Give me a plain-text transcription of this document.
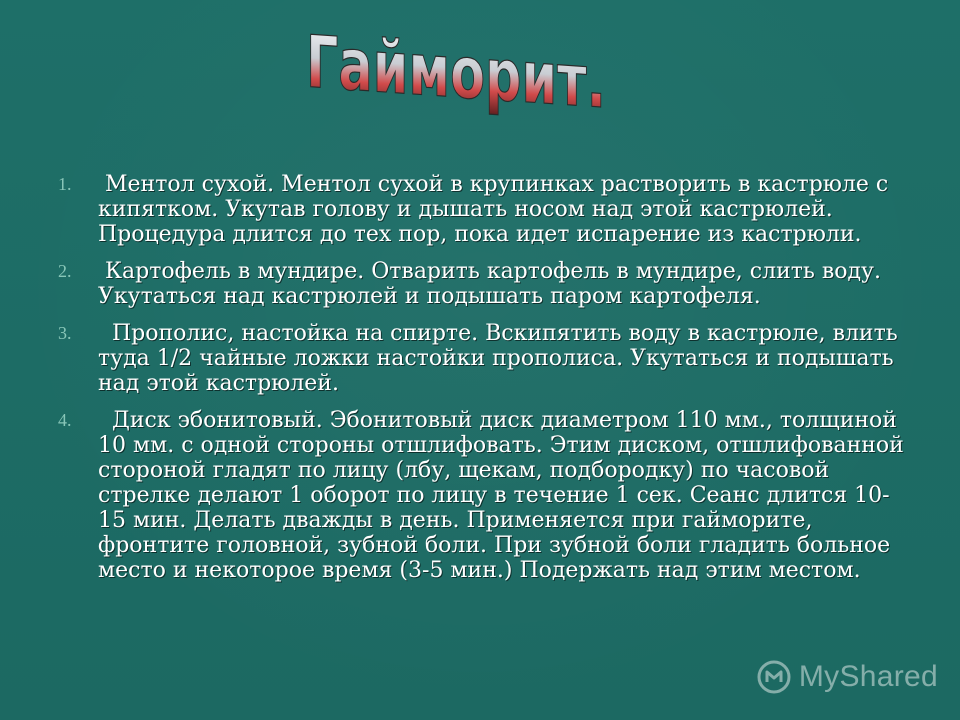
Гайморит.
1.	Ментол сухой. Ментол сухой в крупинках растворить в кастрюле с кипятком. Укутав голову и дышать носом над этой кастрюлей. Процедура длится до тех пор, пока идет испарение из кастрюли.
2.	Картофель в мундире. Отварить картофель в мундире, слить воду. Укутаться над кастрюлей и подышать паром картофеля.
3.	Прополис, настойка на спирте. Вскипятить воду в кастрюле, влить туда 1/2 чайные ложки настойки прополиса. Укутаться и подышать над этой кастрюлей.
4.	Диск эбонитовый. Эбонитовый диск диаметром 110 мм., толщиной 10 мм. с одной стороны отшлифовать. Этим диском, отшлифованной стороной гладят по лицу (лбу, щекам, подбородку) по часовой стрелке делают 1 оборот по лицу в течение 1 сек. Сеанс длится 10-15 мин. Делать дважды в день. Применяется при гайморите, фронтите головной, зубной боли. При зубной боли гладить больное место и некоторое время (3-5 мин.) Подержать над этим местом.
MyShared
